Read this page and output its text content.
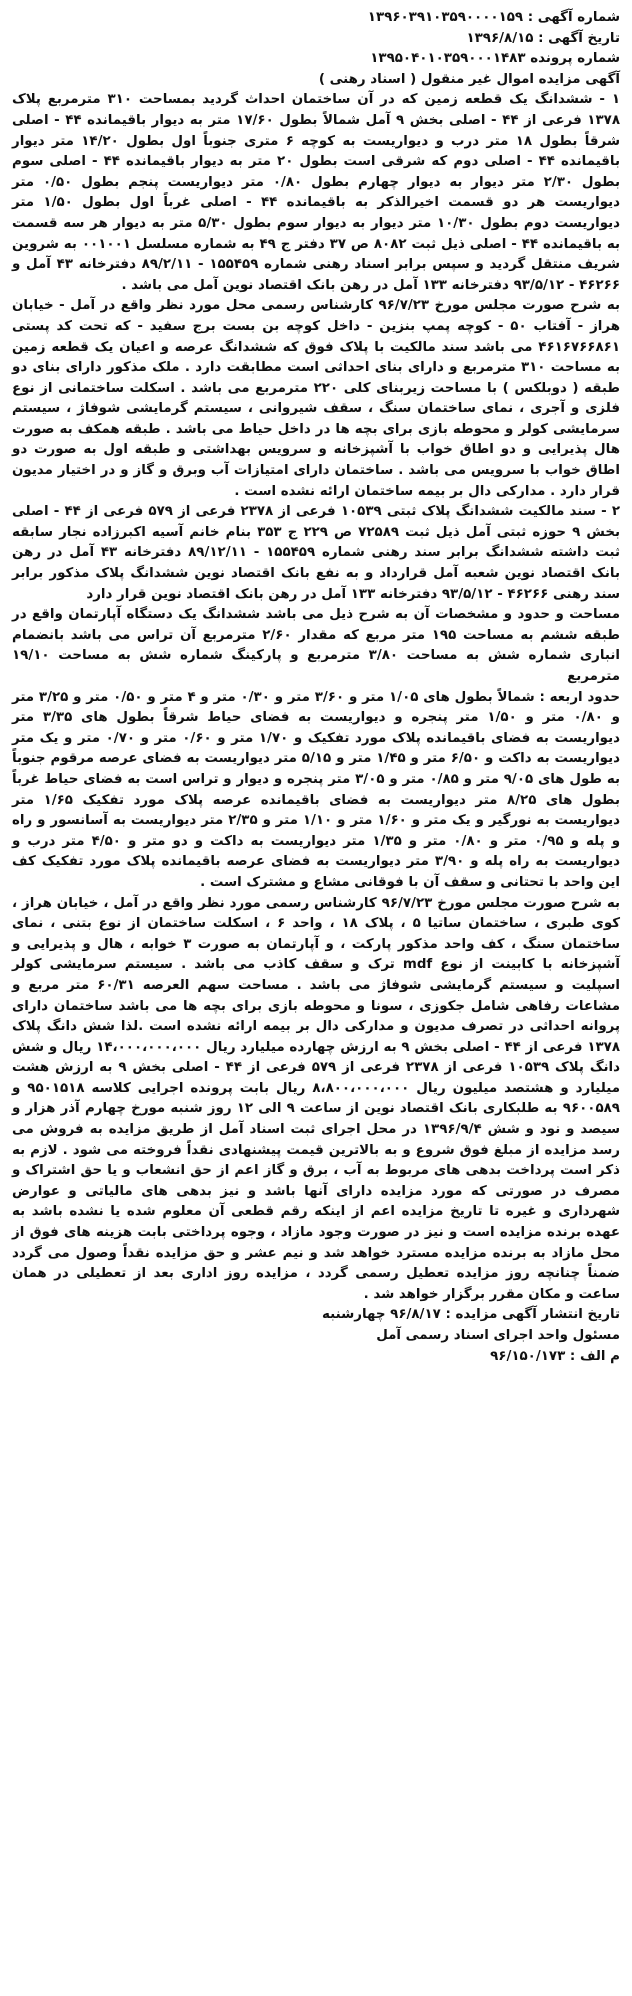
شماره آگهی : ۱۳۹۶۰۳۹۱۰۳۵۹۰۰۰۰۱۵۹
تاریخ آگهی : ۱۳۹۶/۸/۱۵
شماره پرونده ۱۳۹۵۰۴۰۱۰۳۵۹۰۰۰۱۴۸۳
آگهی مزایده اموال غیر منقول ( اسناد رهنی )

۱ - ششدانگ یک قطعه زمین که در آن ساختمان احداث گردید بمساحت ۳۱۰ مترمربع پلاک ۱۳۷۸ فرعی از ۴۴ - اصلی بخش ۹ آمل شمالاً بطول ۱۷/۶۰ متر به دیوار باقیمانده ۴۴ - اصلی شرقاً بطول ۱۸ متر درب و دیواریست به کوچه ۶ متری جنوباً اول بطول ۱۴/۲۰ متر دیوار باقیمانده ۴۴ - اصلی دوم که شرقی است بطول ۲۰ متر به دیوار باقیمانده ۴۴ - اصلی سوم بطول ۲/۳۰ متر دیوار به دیوار چهارم بطول ۰/۸۰ متر دیواریست پنجم بطول ۰/۵۰ متر دیواریست هر دو قسمت اخیرالذکر به باقیمانده ۴۴ - اصلی غرباً اول بطول ۱/۵۰ متر دیواریست دوم بطول ۱۰/۳۰ متر دیوار به دیوار سوم بطول ۵/۳۰ متر به دیوار هر سه قسمت به باقیمانده ۴۴ - اصلی ذیل ثبت ۸۰۸۲ ص ۳۷ دفتر ج ۴۹ به شماره مسلسل ۰۰۱۰۰۱ به شروین شریف منتقل گردید و سپس برابر اسناد رهنی شماره ۱۵۵۴۵۹ - ۸۹/۲/۱۱ دفترخانه ۴۳ آمل و ۴۶۲۶۶ - ۹۳/۵/۱۲ دفترخانه ۱۳۳ آمل در رهن بانک اقتصاد نوین آمل می باشد .

به شرح صورت مجلس مورخ ۹۶/۷/۲۳ کارشناس رسمی محل مورد نظر واقع در آمل - خیابان هراز - آفتاب ۵۰ - کوچه پمپ بنزین - داخل کوچه بن بست برج سفید - که تحت کد پستی ۴۶۱۶۷۶۶۸۶۱ می باشد سند مالکیت با پلاک فوق که ششدانگ عرصه و اعیان یک قطعه زمین به مساحت ۳۱۰ مترمربع و دارای بنای احداثی است مطابقت دارد . ملک مذکور دارای بنای دو طبقه ( دوبلکس ) با مساحت زیربنای کلی ۲۲۰ مترمربع می باشد . اسکلت ساختمانی از نوع فلزی و آجری ، نمای ساختمان سنگ ، سقف شیروانی ، سیستم گرمایشی شوفاژ ، سیستم سرمایشی کولر و محوطه بازی برای بچه ها در داخل حیاط می باشد . طبقه همکف به صورت هال پذیرایی و دو اطاق خواب با آشپزخانه و سرویس بهداشتی و طبقه اول به صورت دو اطاق خواب با سرویس می باشد . ساختمان دارای امتیازات آب وبرق و گاز و در اختیار مدیون قرار دارد . مدارکی دال بر بیمه ساختمان ارائه نشده است .

۲ - سند مالکیت ششدانگ پلاک ثبتی ۱۰۵۳۹ فرعی از ۲۳۷۸ فرعی از ۵۷۹ فرعی از ۴۴ - اصلی بخش ۹ حوزه ثبتی آمل ذیل ثبت ۷۲۵۸۹ ص ۲۲۹ ج ۳۵۳ بنام خانم آسیه اکبرزاده نجار سابقه ثبت داشته ششدانگ برابر سند رهنی شماره ۱۵۵۴۵۹ - ۸۹/۱۲/۱۱ دفترخانه ۴۳ آمل در رهن بانک اقتصاد نوین شعبه آمل قرارداد و به نفع بانک اقتصاد نوین ششدانگ پلاک مذکور برابر سند رهنی ۴۶۲۶۶ - ۹۳/۵/۱۲ دفترخانه ۱۳۳ آمل در رهن بانک اقتصاد نوین قرار دارد

مساحت و حدود و مشخصات آن به شرح ذیل می باشد ششدانگ یک دستگاه آپارتمان واقع در طبقه ششم به مساحت ۱۹۵ متر مربع که مقدار ۲/۶۰ مترمربع آن تراس می باشد بانضمام انباری شماره شش به مساحت ۳/۸۰ مترمربع و پارکینگ شماره شش به مساحت ۱۹/۱۰ مترمربع

حدود اربعه : شمالاً بطول های ۱/۰۵ متر و ۳/۶۰ متر و ۰/۳۰ متر و ۴ متر و ۰/۵۰ متر و ۳/۲۵ متر و ۰/۸۰ متر و ۱/۵۰ متر پنجره و دیواریست به فضای حیاط شرقاً بطول های ۳/۳۵ متر دیواریست به فضای باقیمانده پلاک مورد تفکیک و ۱/۷۰ متر و ۰/۶۰ متر و ۰/۷۰ متر و یک متر دیواریست به داکت و ۶/۵۰ متر و ۱/۴۵ متر و ۵/۱۵ متر دیواریست به فضای عرصه مرقوم جنوباً به طول های ۹/۰۵ متر و ۰/۸۵ متر و ۳/۰۵ متر پنجره و دیوار و تراس است به فضای حیاط غرباً بطول های ۸/۲۵ متر دیواریست به فضای باقیمانده عرصه پلاک مورد تفکیک ۱/۶۵ متر دیواریست به نورگیر و یک متر و ۱/۶۰ متر و ۱/۱۰ متر و ۲/۳۵ متر دیواریست به آسانسور و راه و پله و ۰/۹۵ متر و ۰/۸۰ متر و ۱/۳۵ متر دیواریست به داکت و دو متر و ۴/۵۰ متر درب و دیواریست به راه پله و ۳/۹۰ متر دیواریست به فضای عرصه باقیمانده پلاک مورد تفکیک کف این واحد با تحتانی و سقف آن با فوقانی مشاع و مشترک است .

به شرح صورت مجلس مورخ ۹۶/۷/۲۳ کارشناس رسمی مورد نظر واقع در آمل ، خیابان هراز ، کوی طبری ، ساختمان ساتیا ۵ ، پلاک ۱۸ ، واحد ۶ ، اسکلت ساختمان از نوع بتنی ، نمای ساختمان سنگ ، کف واحد مذکور پارکت ، و آپارتمان به صورت ۳ خوابه ، هال و پذیرایی و آشپزخانه با کابینت از نوع mdf ترک و سقف کاذب می باشد . سیستم سرمایشی کولر اسپلیت و سیستم گرمایشی شوفاژ می باشد . مساحت سهم العرصه ۶۰/۳۱ متر مربع و مشاعات رفاهی شامل جکوزی ، سونا و محوطه بازی برای بچه ها می باشد ساختمان دارای پروانه احداثی در تصرف مدیون و مدارکی دال بر بیمه ارائه نشده است .لذا شش دانگ پلاک ۱۳۷۸ فرعی از ۴۴ - اصلی بخش ۹ به ارزش چهارده میلیارد ریال ۱۴،۰۰۰،۰۰۰،۰۰۰ ریال و شش دانگ پلاک ۱۰۵۳۹ فرعی از ۲۳۷۸ فرعی از ۵۷۹ فرعی از ۴۴ - اصلی بخش ۹ به ارزش هشت میلیارد و هشتصد میلیون ریال ۸،۸۰۰،۰۰۰،۰۰۰ ریال بابت پرونده اجرایی کلاسه ۹۵۰۱۵۱۸ و ۹۶۰۰۵۸۹ به طلبکاری بانک اقتصاد نوین از ساعت ۹ الی ۱۲ روز شنبه مورخ چهارم آذر هزار و سیصد و نود و شش ۱۳۹۶/۹/۴ در محل اجرای ثبت اسناد آمل از طریق مزایده به فروش می رسد مزایده از مبلغ فوق شروع و به بالاترین قیمت پیشنهادی نقداً فروخته می شود . لازم به ذکر است پرداخت بدهی های مربوط به آب ، برق و گاز اعم از حق انشعاب و یا حق اشتراک و مصرف در صورتی که مورد مزایده دارای آنها باشد و نیز بدهی های مالیاتی و عوارض شهرداری و غیره تا تاریخ مزایده اعم از اینکه رقم قطعی آن معلوم شده یا نشده باشد به عهده برنده مزایده است و نیز در صورت وجود مازاد ، وجوه پرداختی بابت هزینه های فوق از محل مازاد به برنده مزایده مسترد خواهد شد و نیم عشر و حق مزایده نقداً وصول می گردد ضمناً چنانچه روز مزایده تعطیل رسمی گردد ، مزایده روز اداری بعد از تعطیلی در همان ساعت و مکان مقرر برگزار خواهد شد .

تاریخ انتشار آگهی مزایده : ۹۶/۸/۱۷ چهارشنبه
مسئول واحد اجرای اسناد رسمی آمل
م الف : ۹۶/۱۵۰/۱۷۳
